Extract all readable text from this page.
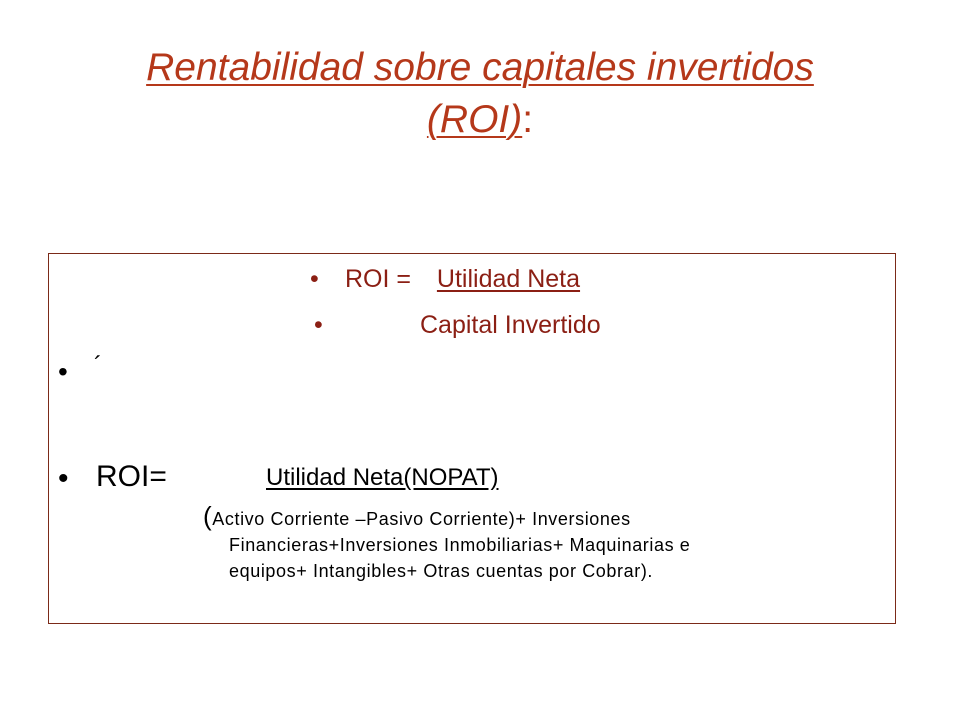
Rentabilidad sobre capitales invertidos
(ROI):
• ROI = Utilidad Neta
•	Capital Invertido
• ´
• ROI=	Utilidad Neta(NOPAT)
(Activo Corriente –Pasivo Corriente)+ Inversiones
Financieras+Inversiones Inmobiliarias+ Maquinarias e
equipos+ Intangibles+ Otras cuentas por Cobrar).
